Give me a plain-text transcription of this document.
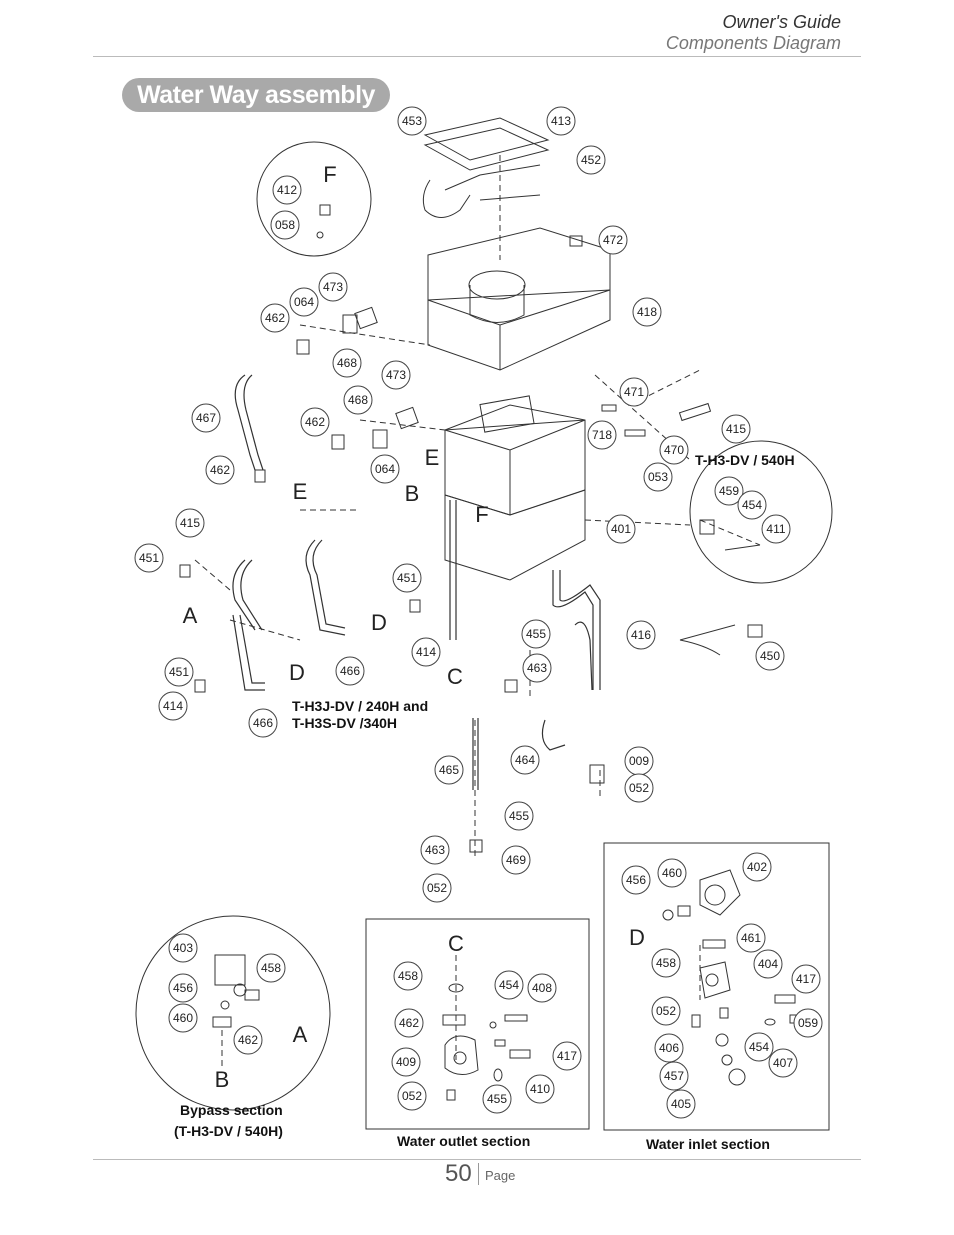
Owner's Guide
Components Diagram
Water Way assembly
453	413
452
472
412
058
473
064
462
468
418
473
468
467	462
471
415
718
470
053
064
462
459
454
411
401
415
451
451
455	416
463
414	450
451
414
466
466
464	009
465
052
455
463
469
052
402
456 460
461
458	404
417
052
059
406	454
407
457
405
403
458
456
460
462
458
454 408
462
417
409
410
052	455
F
E
E	B
F
A	D
D	C
C	D
A
B
T-H3-DV / 540H
T-H3J-DV / 240H and
T-H3S-DV /340H
Bypass section
(T-H3-DV / 540H)
Water outlet section	Water inlet section
50 Page
